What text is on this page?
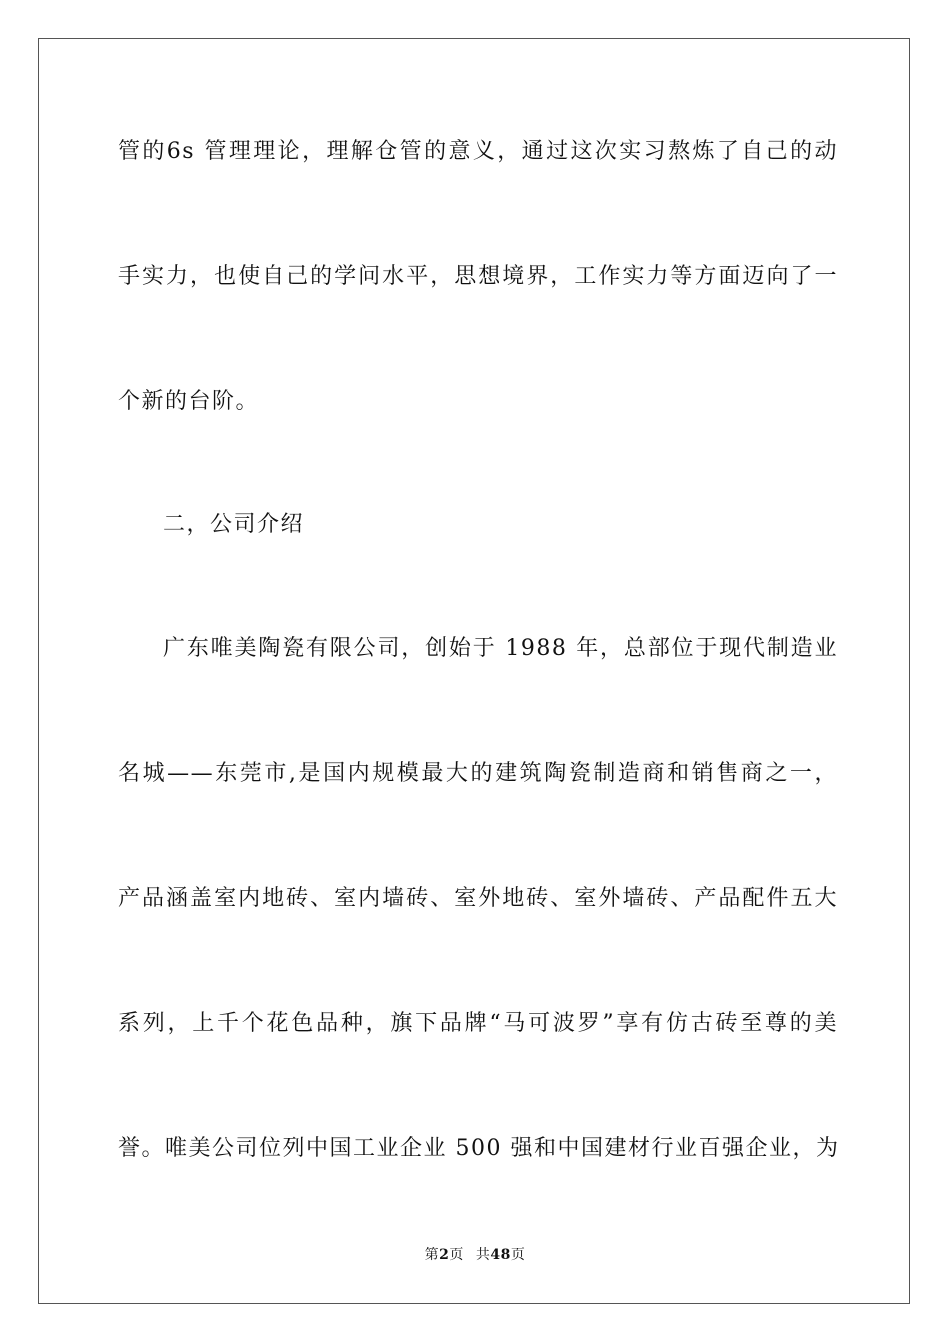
管的6s 管理理论，理解仓管的意义，通过这次实习熬炼了自己的动
手实力，也使自己的学问水平，思想境界，工作实力等方面迈向了一
个新的台阶。
二，公司介绍
广东唯美陶瓷有限公司，创始于 1988 年，总部位于现代制造业
名城——东莞市,是国内规模最大的建筑陶瓷制造商和销售商之一，
产品涵盖室内地砖、室内墙砖、室外地砖、室外墙砖、产品配件五大
系列，上千个花色品种，旗下品牌“马可波罗”享有仿古砖至尊的美
誉。唯美公司位列中国工业企业 500 强和中国建材行业百强企业，为
第2页 共48页
